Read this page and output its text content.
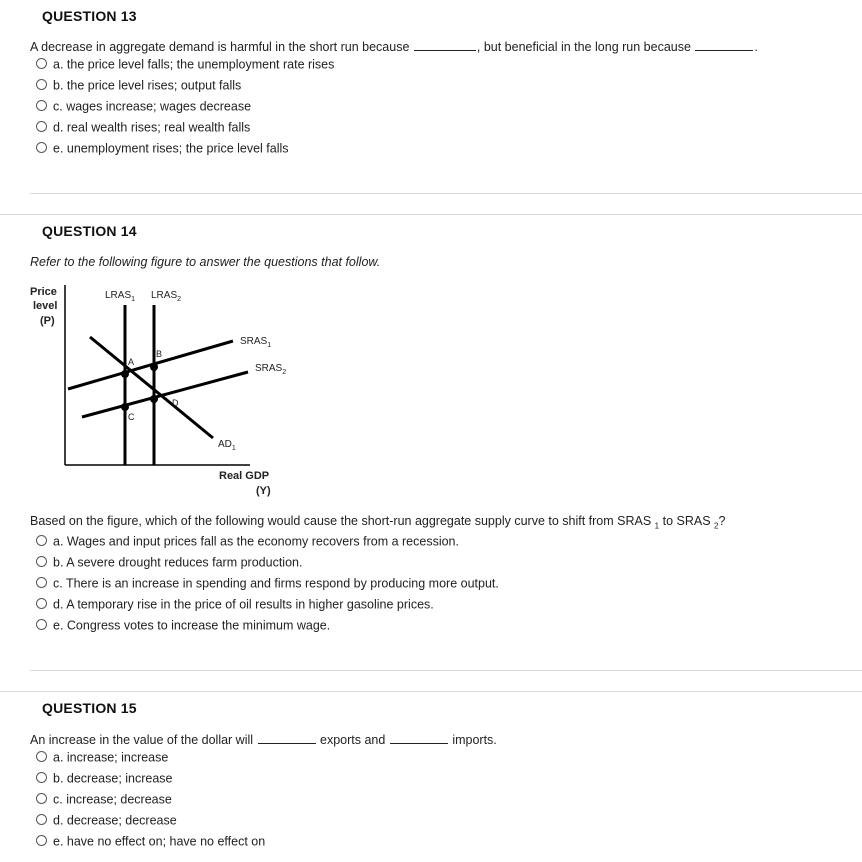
QUESTION 13
A decrease in aggregate demand is harmful in the short run because	, but beneficial in the long run because	.
a. the price level falls; the unemployment rate rises
b. the price level rises; output falls
c. wages increase; wages decrease
d. real wealth rises; real wealth falls
e. unemployment rises; the price level falls
QUESTION 14
Refer to the following figure to answer the questions that follow.
Price
level
(P)
$LRAS_1$ $LRAS_2$
$SRAS_1$
$SRAS_2$
$AD_1$
A
B
C
D
Real GDP
(Y)
Based on the figure, which of the following would cause the short-run aggregate supply curve to shift from SRAS $_1$ to SRAS $_2$?
a. Wages and input prices fall as the economy recovers from a recession.
b. A severe drought reduces farm production.
c. There is an increase in spending and firms respond by producing more output.
d. A temporary rise in the price of oil results in higher gasoline prices.
e. Congress votes to increase the minimum wage.
QUESTION 15
An increase in the value of the dollar will	exports and	imports.
a. increase; increase
b. decrease; increase
c. increase; decrease
d. decrease; decrease
e. have no effect on; have no effect on
